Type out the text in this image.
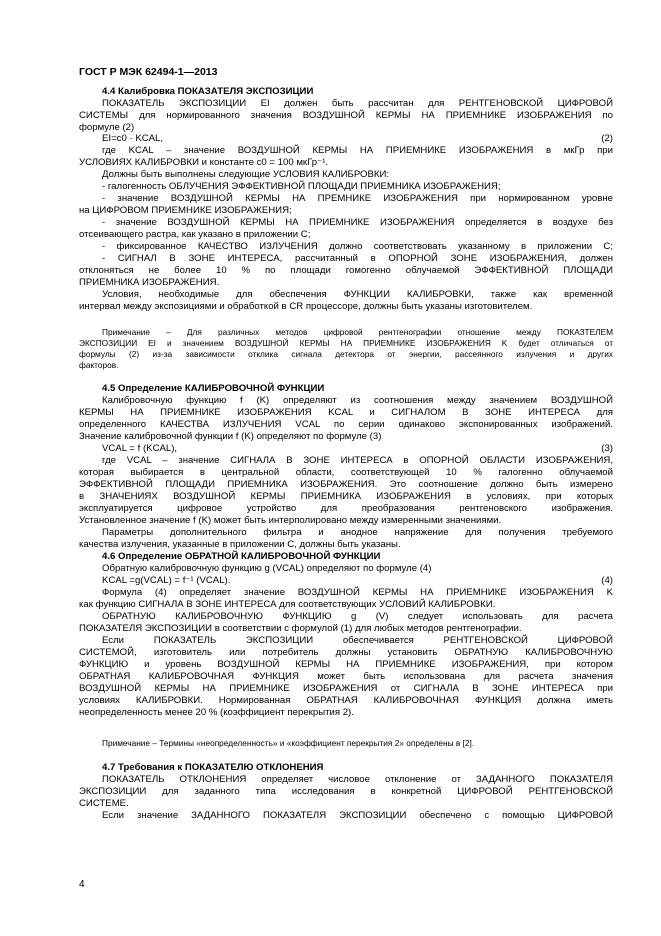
ГОСТ Р МЭК 62494-1—2013
4.4 Калибровка ПОКАЗАТЕЛЯ ЭКСПОЗИЦИИ
ПОКАЗАТЕЛЬ ЭКСПОЗИЦИИ EI должен быть рассчитан для РЕНТГЕНОВСКОЙ ЦИФРОВОЙ
СИСТЕМЫ для нормированного значения ВОЗДУШНОЙ КЕРМЫ НА ПРИЕМНИКЕ ИЗОБРАЖЕНИЯ по
формуле (2)
EI=c0 · KCAL,	(2)
где KCAL – значение ВОЗДУШНОЙ КЕРМЫ НА ПРИЕМНИКЕ ИЗОБРАЖЕНИЯ в мкГр при
УСЛОВИЯХ КАЛИБРОВКИ и константе с0 = 100 мкГр⁻¹.
Должны быть выполнены следующие УСЛОВИЯ КАЛИБРОВКИ:
- галогенность ОБЛУЧЕНИЯ ЭФФЕКТИВНОЙ ПЛОЩАДИ ПРИЕМНИКА ИЗОБРАЖЕНИЯ;
- значение ВОЗДУШНОЙ КЕРМЫ НА ПРЕМНИКЕ ИЗОБРАЖЕНИЯ при нормированном уровне
на ЦИФРОВОМ ПРИЕМНИКЕ ИЗОБРАЖЕНИЯ;
- значение ВОЗДУШНОЙ КЕРМЫ НА ПРИЕМНИКЕ ИЗОБРАЖЕНИЯ определяется в воздухе без
отсеивающего растра, как указано в приложении С;
- фиксированное КАЧЕСТВО ИЗЛУЧЕНИЯ должно соответствовать указанному в приложении С;
- СИГНАЛ В ЗОНЕ ИНТЕРЕСА, рассчитанный в ОПОРНОЙ ЗОНЕ ИЗОБРАЖЕНИЯ, должен
отклоняться не более 10 % по площади гомогенно облучаемой ЭФФЕКТИВНОЙ ПЛОЩАДИ
ПРИЕМНИКА ИЗОБРАЖЕНИЯ.
Условия, необходимые для обеспечения ФУНКЦИИ КАЛИБРОВКИ, также как временной
интервал между экспозициями и обработкой в CR процессоре, должны быть указаны изготовителем.
Примечание – Для различных методов цифровой рентгенографии отношение между ПОКАЗТЕЛЕМ
ЭКСПОЗИЦИИ EI и значением ВОЗДУШНОЙ КЕРМЫ НА ПРИЕМНИКЕ ИЗОБРАЖЕНИЯ K будет отличаться от
формулы (2) из-за зависимости отклика сигнала детектора от энергии, рассеянного излучения и других
факторов.
4.5 Определение КАЛИБРОВОЧНОЙ ФУНКЦИИ
Калибровочную функцию f (K) определяют из соотношения между значением ВОЗДУШНОЙ
КЕРМЫ НА ПРИЕМНИКЕ ИЗОБРАЖЕНИЯ KCAL и СИГНАЛОМ В ЗОНЕ ИНТЕРЕСА для
определенного КАЧЕСТВА ИЗЛУЧЕНИЯ VCAL по серии одинаково экспонированных изображений.
Значение калибровочной функции f (K) определяют по формуле (3)
VCAL = f (KCAL),	(3)
где VCAL – значение СИГНАЛА В ЗОНЕ ИНТЕРЕСА в ОПОРНОЙ ОБЛАСТИ ИЗОБРАЖЕНИЯ,
которая выбирается в центральной области, соответствующей 10 % галогенно облучаемой
ЭФФЕКТИВНОЙ ПЛОЩАДИ ПРИЕМНИКА ИЗОБРАЖЕНИЯ. Это соотношение должно быть измерено
в ЗНАЧЕНИЯХ ВОЗДУШНОЙ КЕРМЫ ПРИЕМНИКА ИЗОБРАЖЕНИЯ в условиях, при которых
эксплуатируется цифровое устройство для преобразования рентгеновского изображения.
Установленное значение f (K) может быть интерполировано между измеренными значениями.
Параметры дополнительного фильтра и анодное напряжение для получения требуемого
качества излучения, указанные в приложении С, должны быть указаны.
4.6 Определение ОБРАТНОЙ КАЛИБРОВОЧНОЙ ФУНКЦИИ
Обратную калибровочную функцию g (VCAL) определяют по формуле (4)
KCAL =g(VCAL) = f⁻¹ (VCAL).	(4)
Формула (4) определяет значение ВОЗДУШНОЙ КЕРМЫ НА ПРИЕМНИКЕ ИЗОБРАЖЕНИЯ K
как функцию СИГНАЛА В ЗОНЕ ИНТЕРЕСА для соответствующих УСЛОВИЙ КАЛИБРОВКИ.
ОБРАТНУЮ КАЛИБРОВОЧНУЮ ФУНКЦИЮ g (V) следует использовать для расчета
ПОКАЗАТЕЛЯ ЭКСПОЗИЦИИ в соответствии с формулой (1) для любых методов рентгенографии.
Если ПОКАЗАТЕЛЬ ЭКСПОЗИЦИИ обеспечивается РЕНТГЕНОВСКОЙ ЦИФРОВОЙ
СИСТЕМОЙ, изготовитель или потребитель должны установить ОБРАТНУЮ КАЛИБРОВОЧНУЮ
ФУНКЦИЮ и уровень ВОЗДУШНОЙ КЕРМЫ НА ПРИЕМНИКЕ ИЗОБРАЖЕНИЯ, при котором
ОБРАТНАЯ КАЛИБРОВОЧНАЯ ФУНКЦИЯ может быть использована для расчета значения
ВОЗДУШНОЙ КЕРМЫ НА ПРИЕМНИКЕ ИЗОБРАЖЕНИЯ от СИГНАЛА В ЗОНЕ ИНТЕРЕСА при
условиях КАЛИБРОВКИ. Нормированная ОБРАТНАЯ КАЛИБРОВОЧНАЯ ФУНКЦИЯ должна иметь
неопределенность менее 20 % (коэффициент перекрытия 2).
Примечание – Термины «неопределенность» и «коэффициент перекрытия 2» определены в [2].
4.7 Требования к ПОКАЗАТЕЛЮ ОТКЛОНЕНИЯ
ПОКАЗАТЕЛЬ ОТКЛОНЕНИЯ определяет числовое отклонение от ЗАДАННОГО ПОКАЗАТЕЛЯ
ЭКСПОЗИЦИИ для заданного типа исследования в конкретной ЦИФРОВОЙ РЕНТГЕНОВСКОЙ
СИСТЕМЕ.
Если значение ЗАДАННОГО ПОКАЗАТЕЛЯ ЭКСПОЗИЦИИ обеспечено с помощью ЦИФРОВОЙ
4
